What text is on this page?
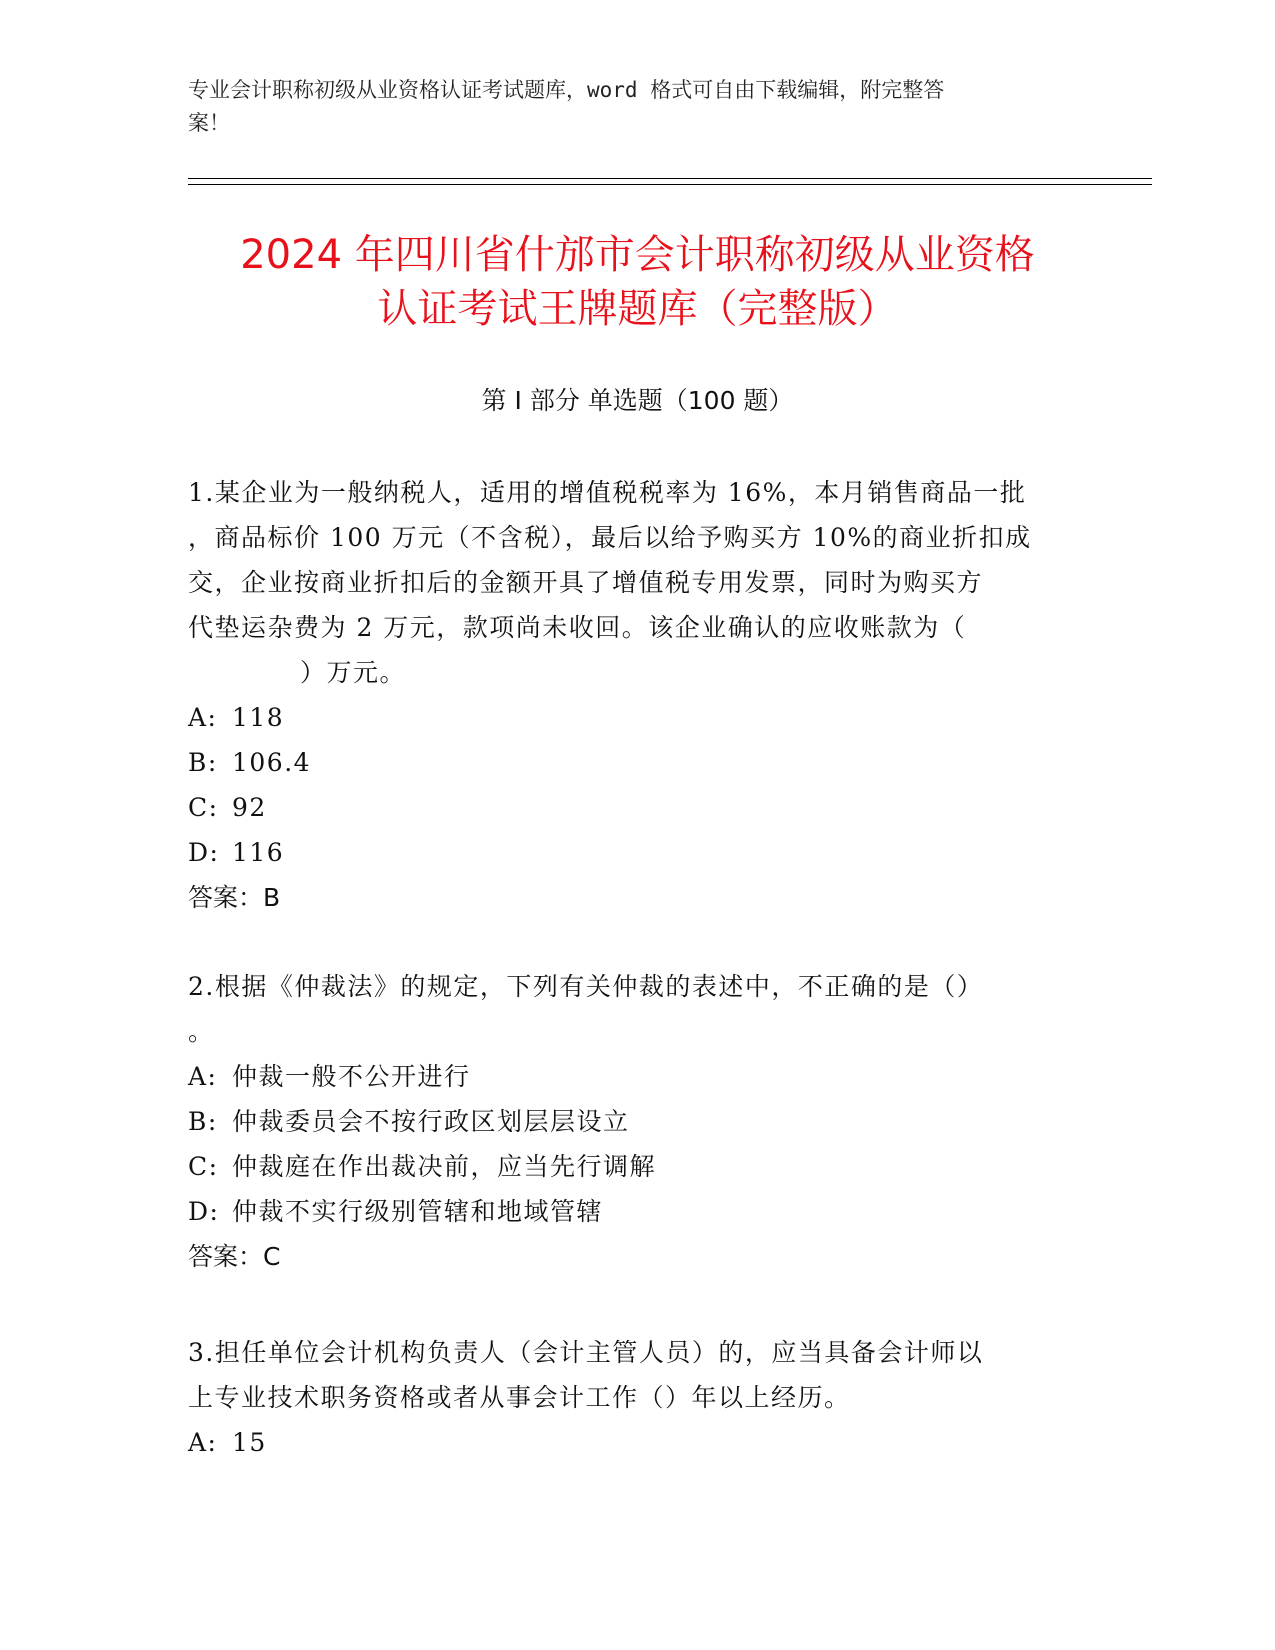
专业会计职称初级从业资格认证考试题库，word 格式可自由下载编辑，附完整答
案！
2024 年四川省什邡市会计职称初级从业资格
认证考试王牌题库（完整版）
第 I 部分 单选题（100 题）
1.某企业为一般纳税人，适用的增值税税率为 16%，本月销售商品一批
，商品标价 100 万元（不含税），最后以给予购买方 10%的商业折扣成
交，企业按商业折扣后的金额开具了增值税专用发票，同时为购买方
代垫运杂费为 2 万元，款项尚未收回。该企业确认的应收账款为（
）万元。
A: 118
B: 106.4
C: 92
D: 116
答案：B
2.根据《仲裁法》的规定，下列有关仲裁的表述中，不正确的是（）
。
A: 仲裁一般不公开进行
B: 仲裁委员会不按行政区划层层设立
C: 仲裁庭在作出裁决前，应当先行调解
D: 仲裁不实行级别管辖和地域管辖
答案：C
3.担任单位会计机构负责人（会计主管人员）的，应当具备会计师以
上专业技术职务资格或者从事会计工作（）年以上经历。
A: 15
